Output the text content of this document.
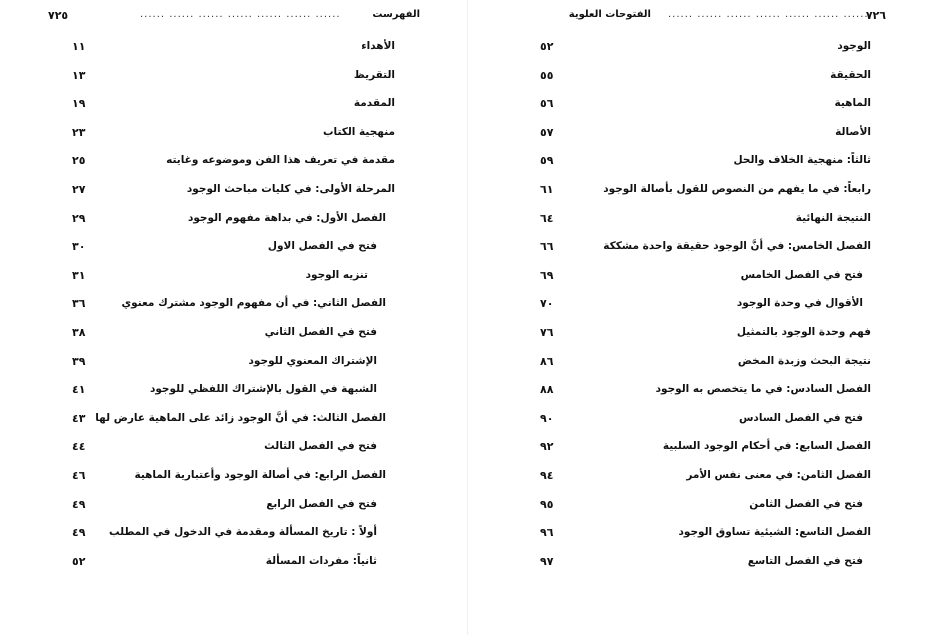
٧٢٥	...... ...... ...... ...... ...... ...... ......	الفهرست
١١	الأهداء
١٣	التقريظ
١٩	المقدمة
٢٣	منهجية الكتاب
٢٥	مقدمة في تعريف هذا الفن وموضوعه وغايته
٢٧	المرحلة الأولى: في كليات مباحث الوجود
٢٩	الفصل الأول: في بداهة مفهوم الوجود
٣٠	فتح في الفصل الاول
٣١	تنزيه الوجود
٣٦	الفصل الثاني: في أن مفهوم الوجود مشترك معنوي
٣٨	فتح في الفصل الثاني
٣٩	الإشتراك المعنوي للوجود
٤١	الشبهة في القول بالإشتراك اللفظي للوجود
٤٣ الفصل الثالث: في أنَّ الوجود زائد على الماهية عارض لها
٤٤	فتح في الفصل الثالث
٤٦	الفصل الرابع: في أصالة الوجود وأعتبارية الماهية
٤٩	فتح في الفصل الرابع
٤٩ أولاً : تاريخ المسألة ومقدمة في الدخول في المطلب
٥٢	ثانياً: مفردات المسألة
الفتوحات العلوية ...... ...... ...... ...... ...... ...... ......
٧٢٦
٥٢	الوجود
٥٥	الحقيقة
٥٦	الماهية
٥٧	الأصالة
٥٩	ثالثاً: منهجية الخلاف والحل
٦١	رابعاً: في ما يفهم من النصوص للقول بأصالة الوجود
٦٤	النتيجة النهائية
٦٦	الفصل الخامس: في أنَّ الوجود حقيقة واحدة مشككة
٦٩	فتح في الفصل الخامس
٧٠	الأقوال في وحدة الوجود
٧٦	فهم وحدة الوجود بالتمثيل
٨٦	نتيجة البحث وزبدة المخض
٨٨	الفصل السادس: في ما يتخصص به الوجود
٩٠	فتح في الفصل السادس
٩٢	الفصل السابع: في أحكام الوجود السلبية
٩٤	الفصل الثامن: في معنى نفس الأمر
٩٥	فتح في الفصل الثامن
٩٦	الفصل التاسع: الشيئية تساوق الوجود
٩٧	فتح في الفصل التاسع
